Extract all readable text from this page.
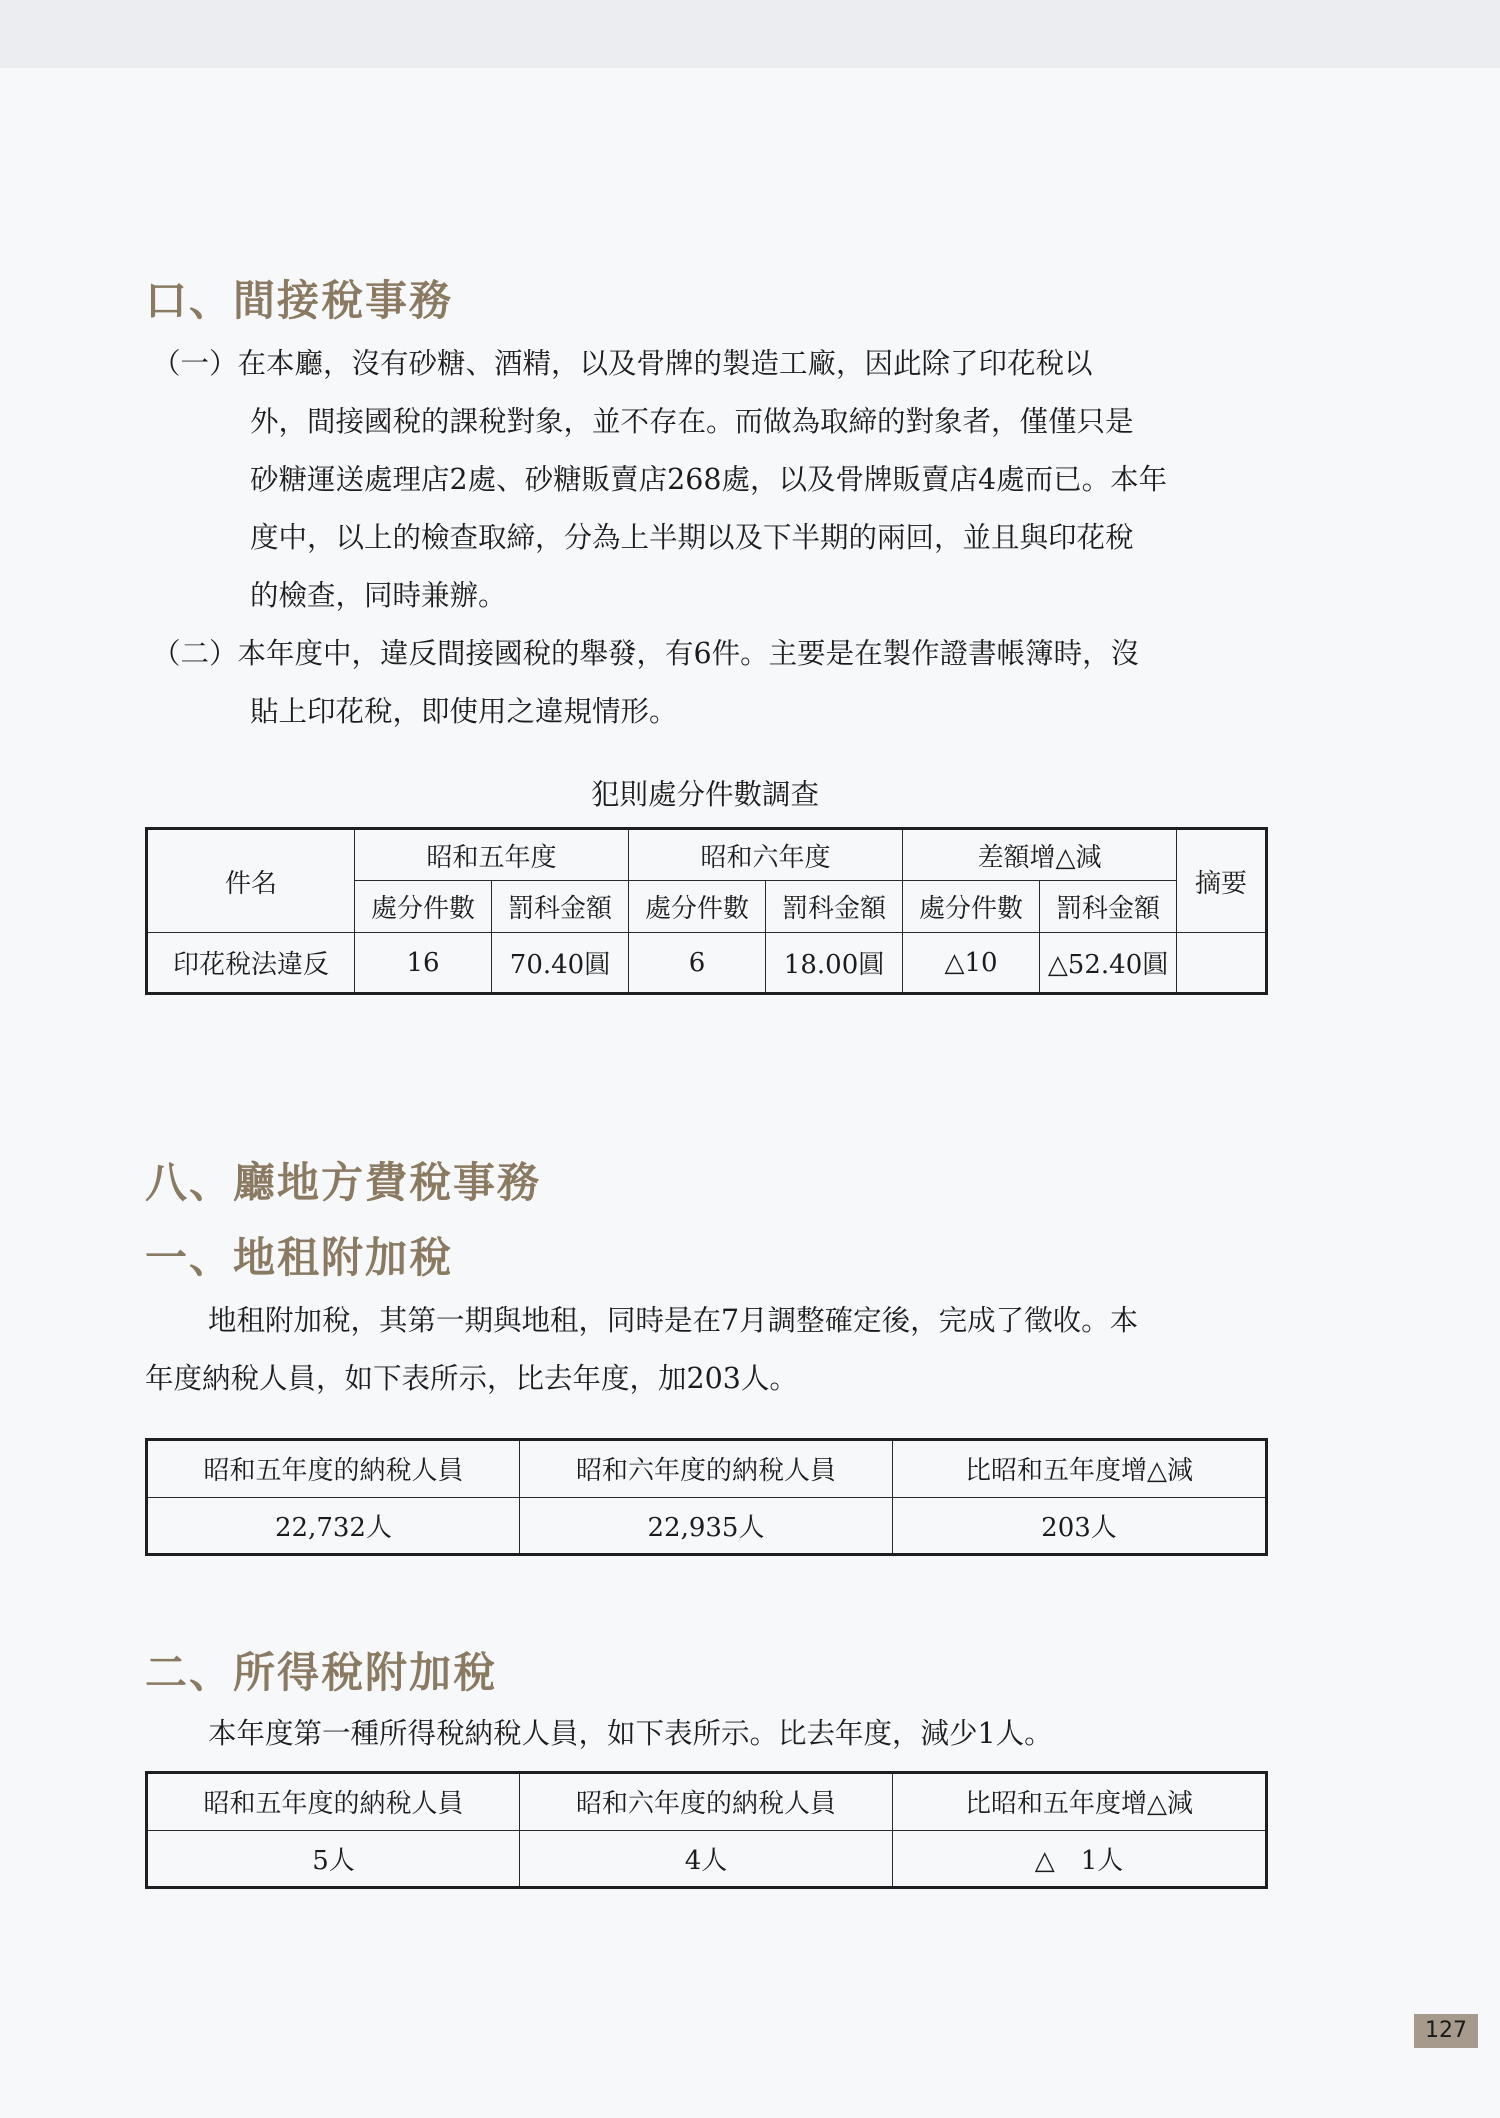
口、間接稅事務
（一）在本廳，沒有砂糖、酒精，以及骨牌的製造工廠，因此除了印花稅以
外，間接國稅的課稅對象，並不存在。而做為取締的對象者，僅僅只是
砂糖運送處理店2處、砂糖販賣店268處，以及骨牌販賣店4處而已。本年
度中，以上的檢查取締，分為上半期以及下半期的兩回，並且與印花稅
的檢查，同時兼辦。
（二）本年度中，違反間接國稅的舉發，有6件。主要是在製作證書帳簿時，沒
貼上印花稅，即使用之違規情形。

犯則處分件數調查

件名	昭和五年度		昭和六年度		差額增△減		摘要
	處分件數	罰科金額	處分件數	罰科金額	處分件數	罰科金額	
印花稅法違反	16	70.40圓	6	18.00圓	△10	△52.40圓	
八、廳地方費稅事務
一、地租附加稅
地租附加稅，其第一期與地租，同時是在7月調整確定後，完成了徵收。本
年度納稅人員，如下表所示，比去年度，加203人。
昭和五年度的納稅人員	昭和六年度的納稅人員	比昭和五年度增△減
22,732人	22,935人	203人
二、所得稅附加稅
本年度第一種所得稅納稅人員，如下表所示。比去年度，減少1人。
昭和五年度的納稅人員	昭和六年度的納稅人員	比昭和五年度增△減
5人	4人	△　1人
127
